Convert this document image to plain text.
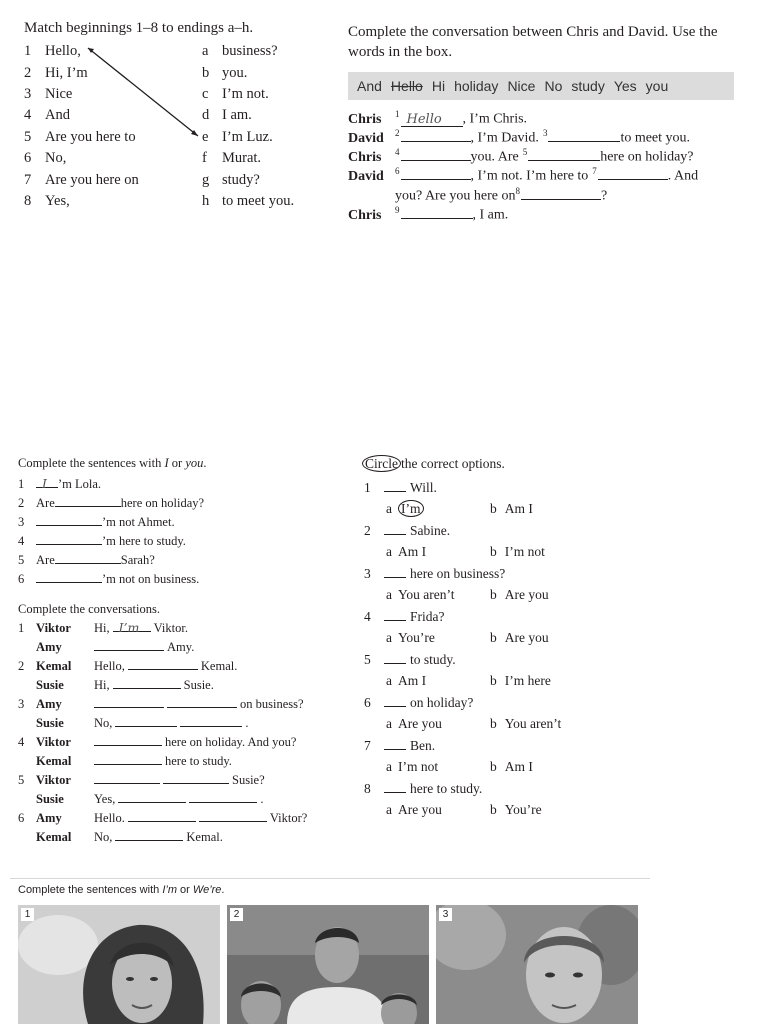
Match beginnings 1–8 to endings a–h.
1 Hello,	a business?
2 Hi, I’m	b you.
3 Nice	c I’m not.
4 And	d I am.
5 Are you here to	e I’m Luz.
6 No,	f Murat.
7 Are you here on	g study?
8 Yes,	h to meet you.
Complete the conversation between Chris and David. Use the words in the box.
And Hello Hi holiday Nice No study Yes you
Chris $^1$ Hello , I’m Chris.
David $^2$	, I’m David. $^3$	to meet you.
Chris $^4$	you. Are $^5$	here on holiday?
David $^6$	, I’m not. I’m here to $^7$	. And
you? Are you here $on^8$	?
Chris $^9$	, I am.
Complete the sentences with I or you.
1 I ’m Lola.
2 Are	here on holiday?
3	’m not Ahmet.
4	’m here to study.
5 Are	Sarah?
6	’m not on business.
Complete the conversations.
1 Viktor Hi, I’m Viktor.
Amy	Amy.
2 Kemal Hello,	Kemal.
Susie Hi,	Susie.
3 Amy	on business?
Susie No,	.
4 Viktor	here on holiday. And you?
Kemal	here to study.
5 Viktor	Susie?
Susie Yes,	.
6 Amy	Hello.	Viktor?
Kemal No,	Kemal.
Circle the correct options.
1	Will.
a I’m	b Am I
2	Sabine.
a Am I	b I’m not
3	here on business?
a You aren’t	b Are you
4	Frida?
a You’re	b Are you
5	to study.
a Am I	b I’m here
6	on holiday?
a Are you	b You aren’t
7	Ben.
a I’m not	b Am I
8	here to study.
a Are you	b You’re
Complete the sentences with I’m or We’re.
1	2	3
